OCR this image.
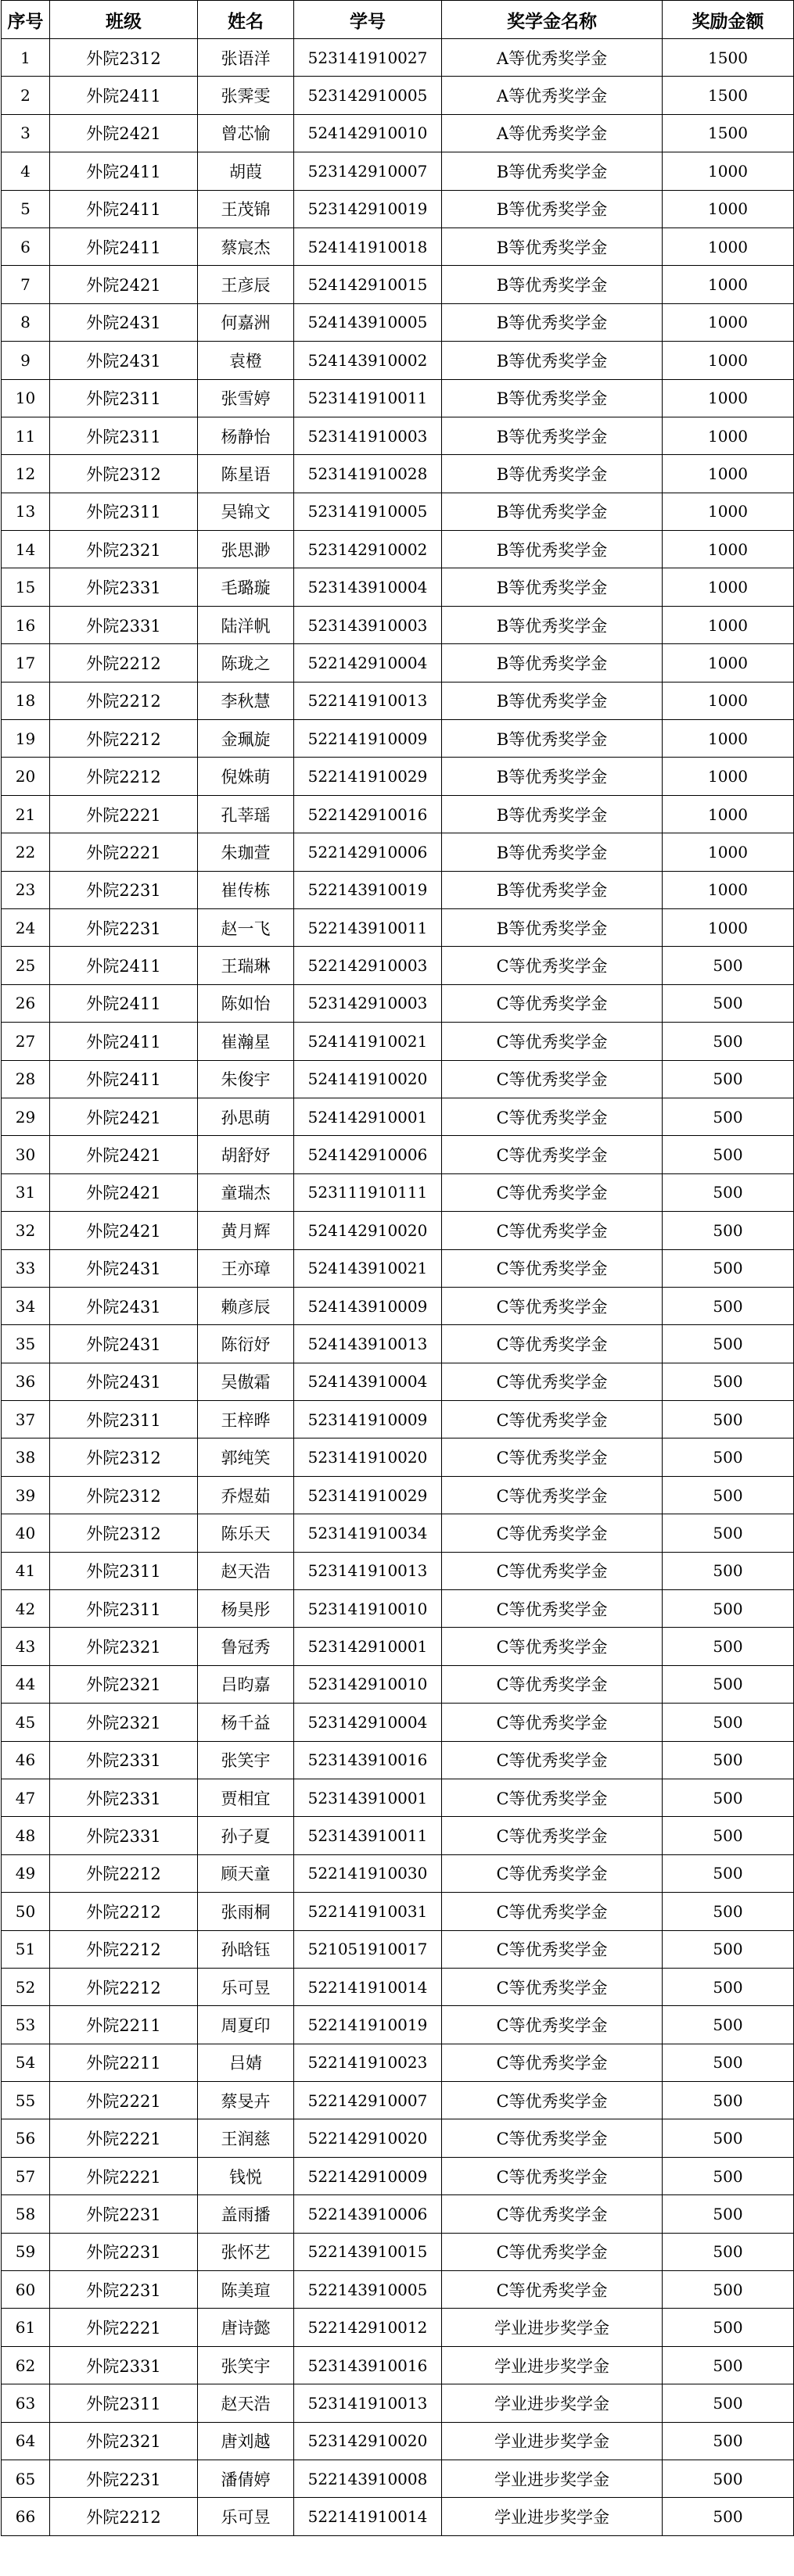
序号	班级	姓名	学号	奖学金名称	奖励金额
1	外院2312	张语洋	523141910027	A等优秀奖学金	1500
2	外院2411	张霁雯	523142910005	A等优秀奖学金	1500
3	外院2421	曾芯愉	524142910010	A等优秀奖学金	1500
4	外院2411	胡葭	523142910007	B等优秀奖学金	1000
5	外院2411	王茂锦	523142910019	B等优秀奖学金	1000
6	外院2411	蔡宸杰	524141910018	B等优秀奖学金	1000
7	外院2421	王彦辰	524142910015	B等优秀奖学金	1000
8	外院2431	何嘉洲	524143910005	B等优秀奖学金	1000
9	外院2431	袁橙	524143910002	B等优秀奖学金	1000
10	外院2311	张雪婷	523141910011	B等优秀奖学金	1000
11	外院2311	杨静怡	523141910003	B等优秀奖学金	1000
12	外院2312	陈星语	523141910028	B等优秀奖学金	1000
13	外院2311	吴锦文	523141910005	B等优秀奖学金	1000
14	外院2321	张思渺	523142910002	B等优秀奖学金	1000
15	外院2331	毛璐璇	523143910004	B等优秀奖学金	1000
16	外院2331	陆洋帆	523143910003	B等优秀奖学金	1000
17	外院2212	陈珑之	522142910004	B等优秀奖学金	1000
18	外院2212	李秋慧	522141910013	B等优秀奖学金	1000
19	外院2212	金珮旋	522141910009	B等优秀奖学金	1000
20	外院2212	倪姝萌	522141910029	B等优秀奖学金	1000
21	外院2221	孔莘瑶	522142910016	B等优秀奖学金	1000
22	外院2221	朱珈萱	522142910006	B等优秀奖学金	1000
23	外院2231	崔传栋	522143910019	B等优秀奖学金	1000
24	外院2231	赵一飞	522143910011	B等优秀奖学金	1000
25	外院2411	王瑞琳	522142910003	C等优秀奖学金	500
26	外院2411	陈如怡	523142910003	C等优秀奖学金	500
27	外院2411	崔瀚星	524141910021	C等优秀奖学金	500
28	外院2411	朱俊宇	524141910020	C等优秀奖学金	500
29	外院2421	孙思萌	524142910001	C等优秀奖学金	500
30	外院2421	胡舒妤	524142910006	C等优秀奖学金	500
31	外院2421	童瑞杰	523111910111	C等优秀奖学金	500
32	外院2421	黄月辉	524142910020	C等优秀奖学金	500
33	外院2431	王亦璋	524143910021	C等优秀奖学金	500
34	外院2431	赖彦辰	524143910009	C等优秀奖学金	500
35	外院2431	陈衍妤	524143910013	C等优秀奖学金	500
36	外院2431	吴傲霜	524143910004	C等优秀奖学金	500
37	外院2311	王梓晔	523141910009	C等优秀奖学金	500
38	外院2312	郭纯笑	523141910020	C等优秀奖学金	500
39	外院2312	乔煜茹	523141910029	C等优秀奖学金	500
40	外院2312	陈乐天	523141910034	C等优秀奖学金	500
41	外院2311	赵天浩	523141910013	C等优秀奖学金	500
42	外院2311	杨昊彤	523141910010	C等优秀奖学金	500
43	外院2321	鲁冠秀	523142910001	C等优秀奖学金	500
44	外院2321	吕昀嘉	523142910010	C等优秀奖学金	500
45	外院2321	杨千益	523142910004	C等优秀奖学金	500
46	外院2331	张笑宇	523143910016	C等优秀奖学金	500
47	外院2331	贾相宜	523143910001	C等优秀奖学金	500
48	外院2331	孙子夏	523143910011	C等优秀奖学金	500
49	外院2212	顾天童	522141910030	C等优秀奖学金	500
50	外院2212	张雨桐	522141910031	C等优秀奖学金	500
51	外院2212	孙晗钰	521051910017	C等优秀奖学金	500
52	外院2212	乐可昱	522141910014	C等优秀奖学金	500
53	外院2211	周夏印	522141910019	C等优秀奖学金	500
54	外院2211	吕婧	522141910023	C等优秀奖学金	500
55	外院2221	蔡旻卉	522142910007	C等优秀奖学金	500
56	外院2221	王润慈	522142910020	C等优秀奖学金	500
57	外院2221	钱悦	522142910009	C等优秀奖学金	500
58	外院2231	盖雨播	522143910006	C等优秀奖学金	500
59	外院2231	张怀艺	522143910015	C等优秀奖学金	500
60	外院2231	陈美瑄	522143910005	C等优秀奖学金	500
61	外院2221	唐诗懿	522142910012	学业进步奖学金	500
62	外院2331	张笑宇	523143910016	学业进步奖学金	500
63	外院2311	赵天浩	523141910013	学业进步奖学金	500
64	外院2321	唐刘越	523142910020	学业进步奖学金	500
65	外院2231	潘倩婷	522143910008	学业进步奖学金	500
66	外院2212	乐可昱	522141910014	学业进步奖学金	500
